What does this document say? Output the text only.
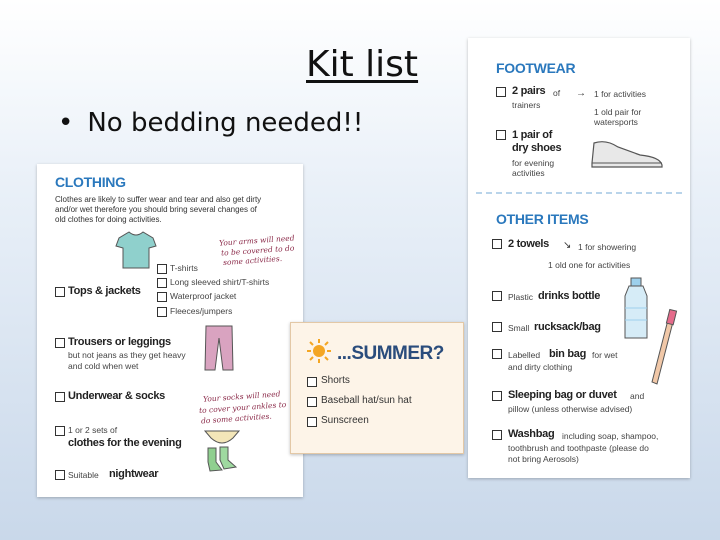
Kit list
• No bedding needed!!
CLOTHING
Clothes are likely to suffer wear and tear and also get dirty
and/or wet therefore you should bring several changes of
old clothes for doing activities.
Your arms will need
to be covered to do
some activities.
T-shirts
Long sleeved shirt/T-shirts
Tops & jackets	Waterproof jacket
Fleeces/jumpers
Trousers or leggings
but not jeans as they get heavy
and cold when wet
Underwear & socks	Your socks will need
to cover your ankles to
do some activities.
1 or 2 sets of
clothes for the evening
Suitable nightwear
...SUMMER?
Shorts
Baseball hat/sun hat
Sunscreen
FOOTWEAR
2 pairs of
trainers
→ 1 for activities
1 old pair for
watersports
1 pair of
dry shoes
for evening
activities
OTHER ITEMS
2 towels ↘ 1 for showering
1 old one for activities
Plastic drinks bottle
Small rucksack/bag
Labelled bin bag for wet
and dirty clothing
Sleeping bag or duvet and
pillow (unless otherwise advised)
Washbag including soap, shampoo,
toothbrush and toothpaste (please do
not bring Aerosols)
